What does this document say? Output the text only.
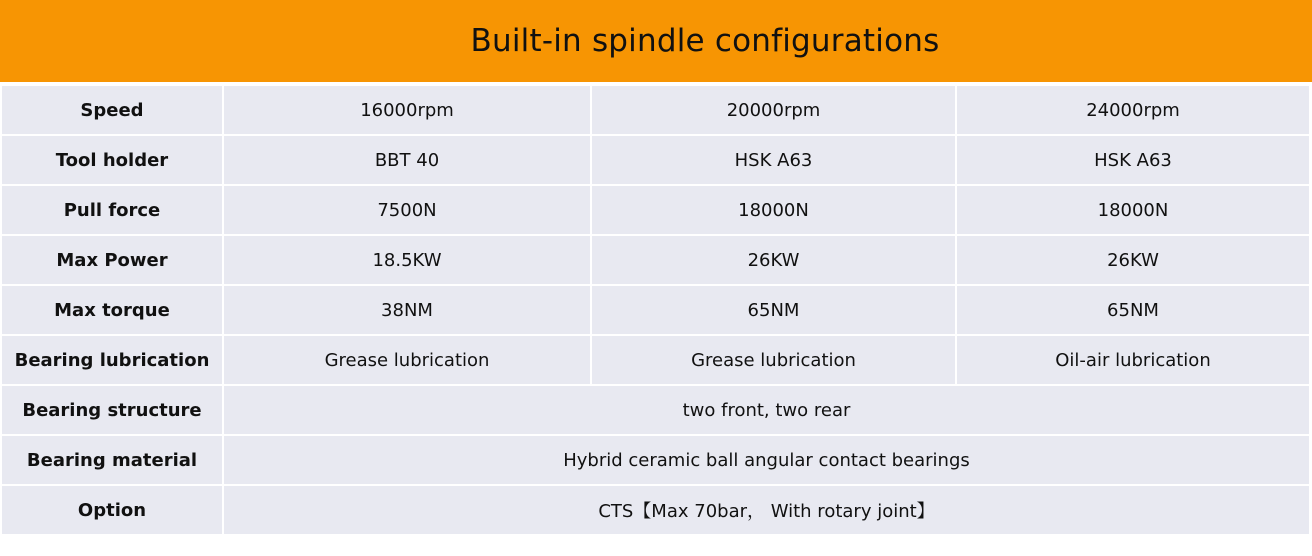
Built-in spindle configurations
Speed	16000rpm	20000rpm	24000rpm
Tool holder	BBT 40	HSK A63	HSK A63
Pull force	7500N	18000N	18000N
Max Power	18.5KW	26KW	26KW
Max torque	38NM	65NM	65NM
Bearing lubrication	Grease lubrication	Grease lubrication	Oil-air lubrication
Bearing structure	two front, two rear		
Bearing material	Hybrid ceramic ball angular contact bearings		
Option	CTS【Max 70bar， With rotary joint】		
